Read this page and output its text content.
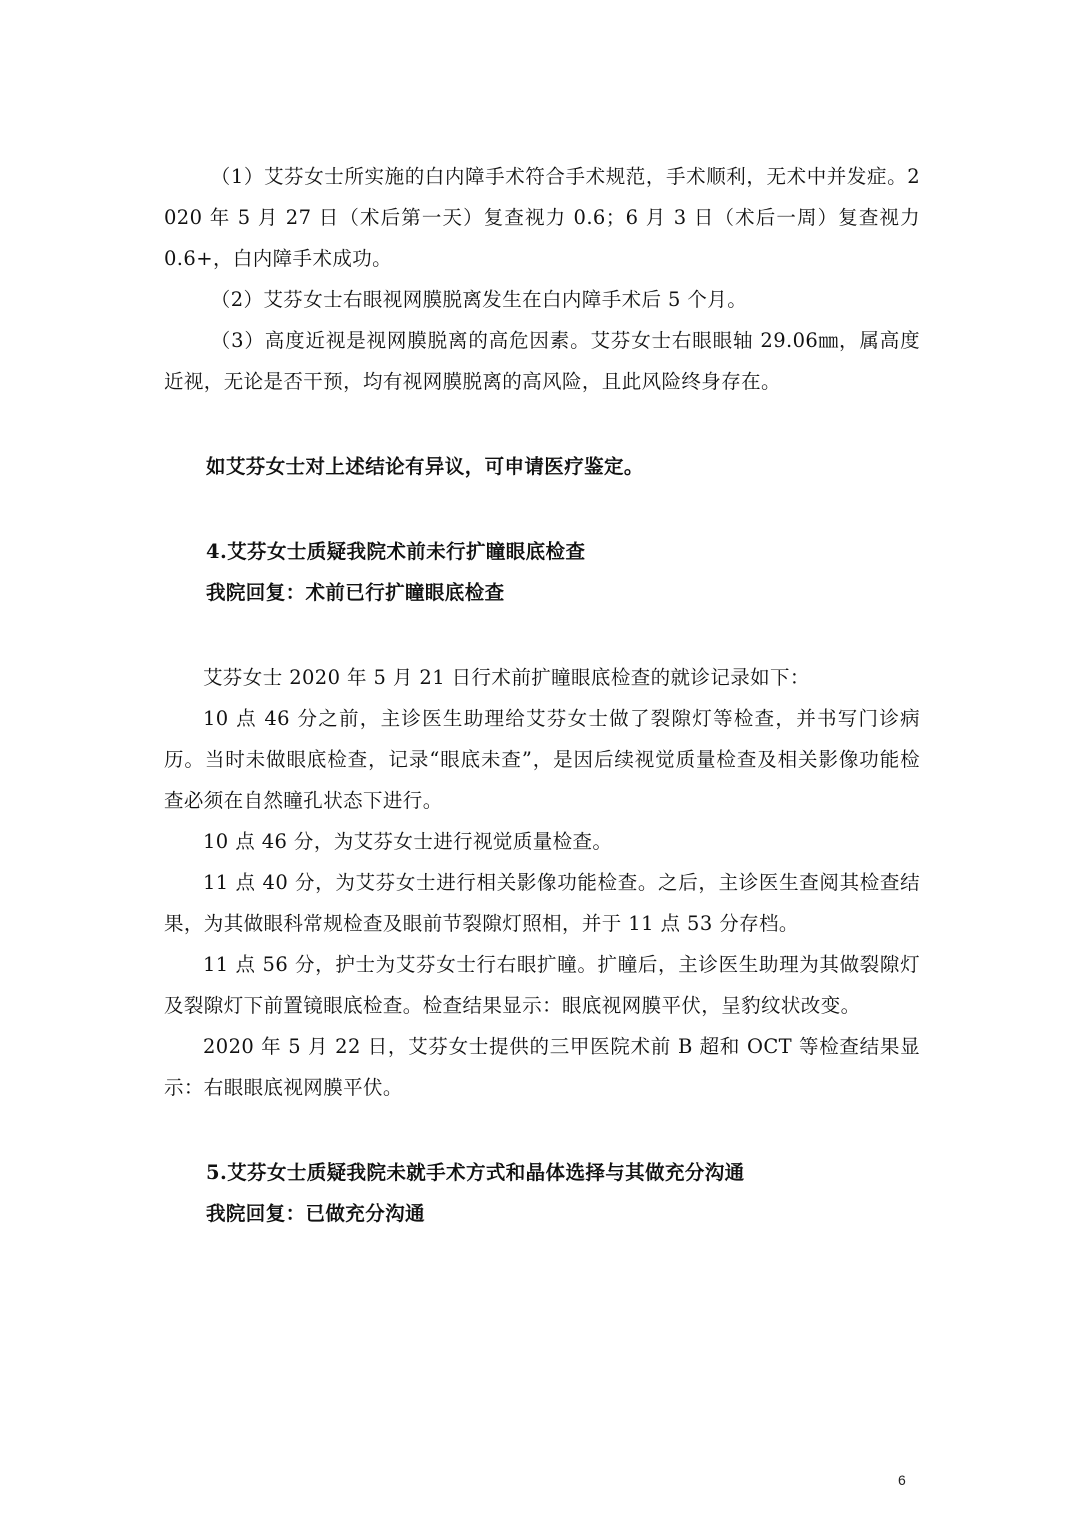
（1）艾芬女士所实施的白内障手术符合手术规范，手术顺利，无术中并发症。2020 年 5 月 27 日（术后第一天）复查视力 0.6；6 月 3 日（术后一周）复查视力 0.6+，白内障手术成功。

（2）艾芬女士右眼视网膜脱离发生在白内障手术后 5 个月。

（3）高度近视是视网膜脱离的高危因素。艾芬女士右眼眼轴 29.06㎜，属高度近视，无论是否干预，均有视网膜脱离的高风险，且此风险终身存在。

如艾芬女士对上述结论有异议，可申请医疗鉴定。

4.艾芬女士质疑我院术前未行扩瞳眼底检查

我院回复：术前已行扩瞳眼底检查

艾芬女士 2020 年 5 月 21 日行术前扩瞳眼底检查的就诊记录如下：

10 点 46 分之前，主诊医生助理给艾芬女士做了裂隙灯等检查，并书写门诊病历。当时未做眼底检查，记录“眼底未查”，是因后续视觉质量检查及相关影像功能检查必须在自然瞳孔状态下进行。

10 点 46 分，为艾芬女士进行视觉质量检查。

11 点 40 分，为艾芬女士进行相关影像功能检查。之后，主诊医生查阅其检查结果，为其做眼科常规检查及眼前节裂隙灯照相，并于 11 点 53 分存档。

11 点 56 分，护士为艾芬女士行右眼扩瞳。扩瞳后，主诊医生助理为其做裂隙灯及裂隙灯下前置镜眼底检查。检查结果显示：眼底视网膜平伏，呈豹纹状改变。

2020 年 5 月 22 日，艾芬女士提供的三甲医院术前 B 超和 OCT 等检查结果显示：右眼眼底视网膜平伏。

5.艾芬女士质疑我院未就手术方式和晶体选择与其做充分沟通

我院回复：已做充分沟通

6
